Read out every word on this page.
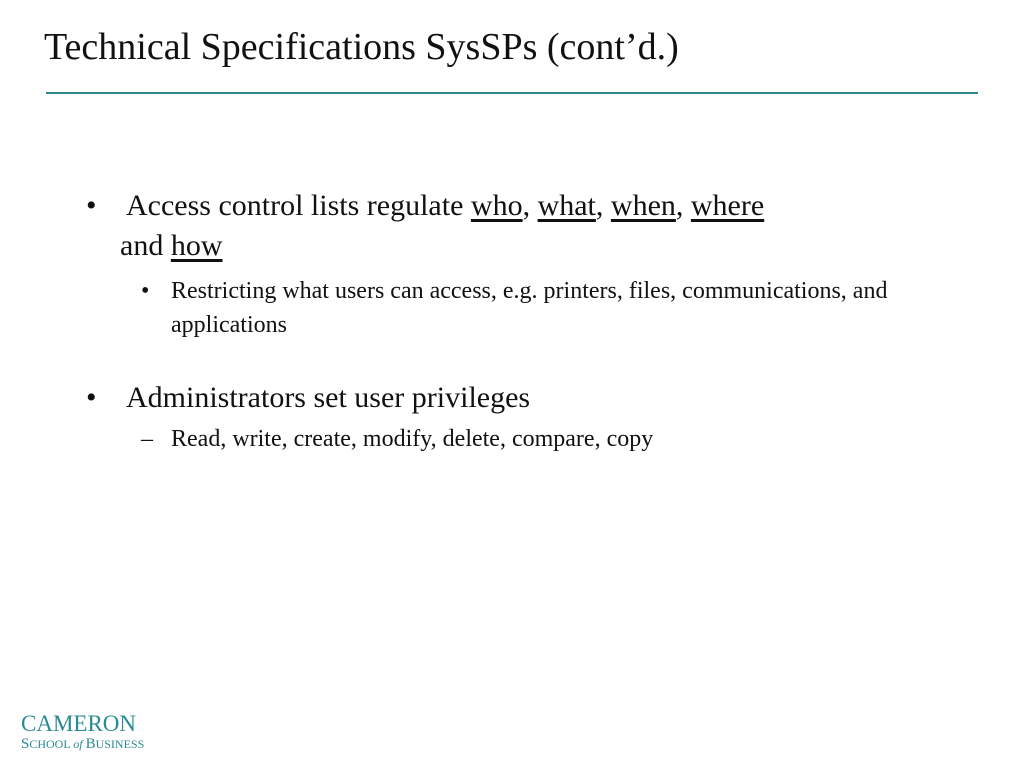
Technical Specifications SysSPs (cont’d.)
• Access control lists regulate who, what, when, where
and how
• Restricting what users can access, e.g. printers, files, communications, and applications
• Administrators set user privileges
– Read, write, create, modify, delete, compare, copy
CAMERON
SCHOOL of BUSINESS
